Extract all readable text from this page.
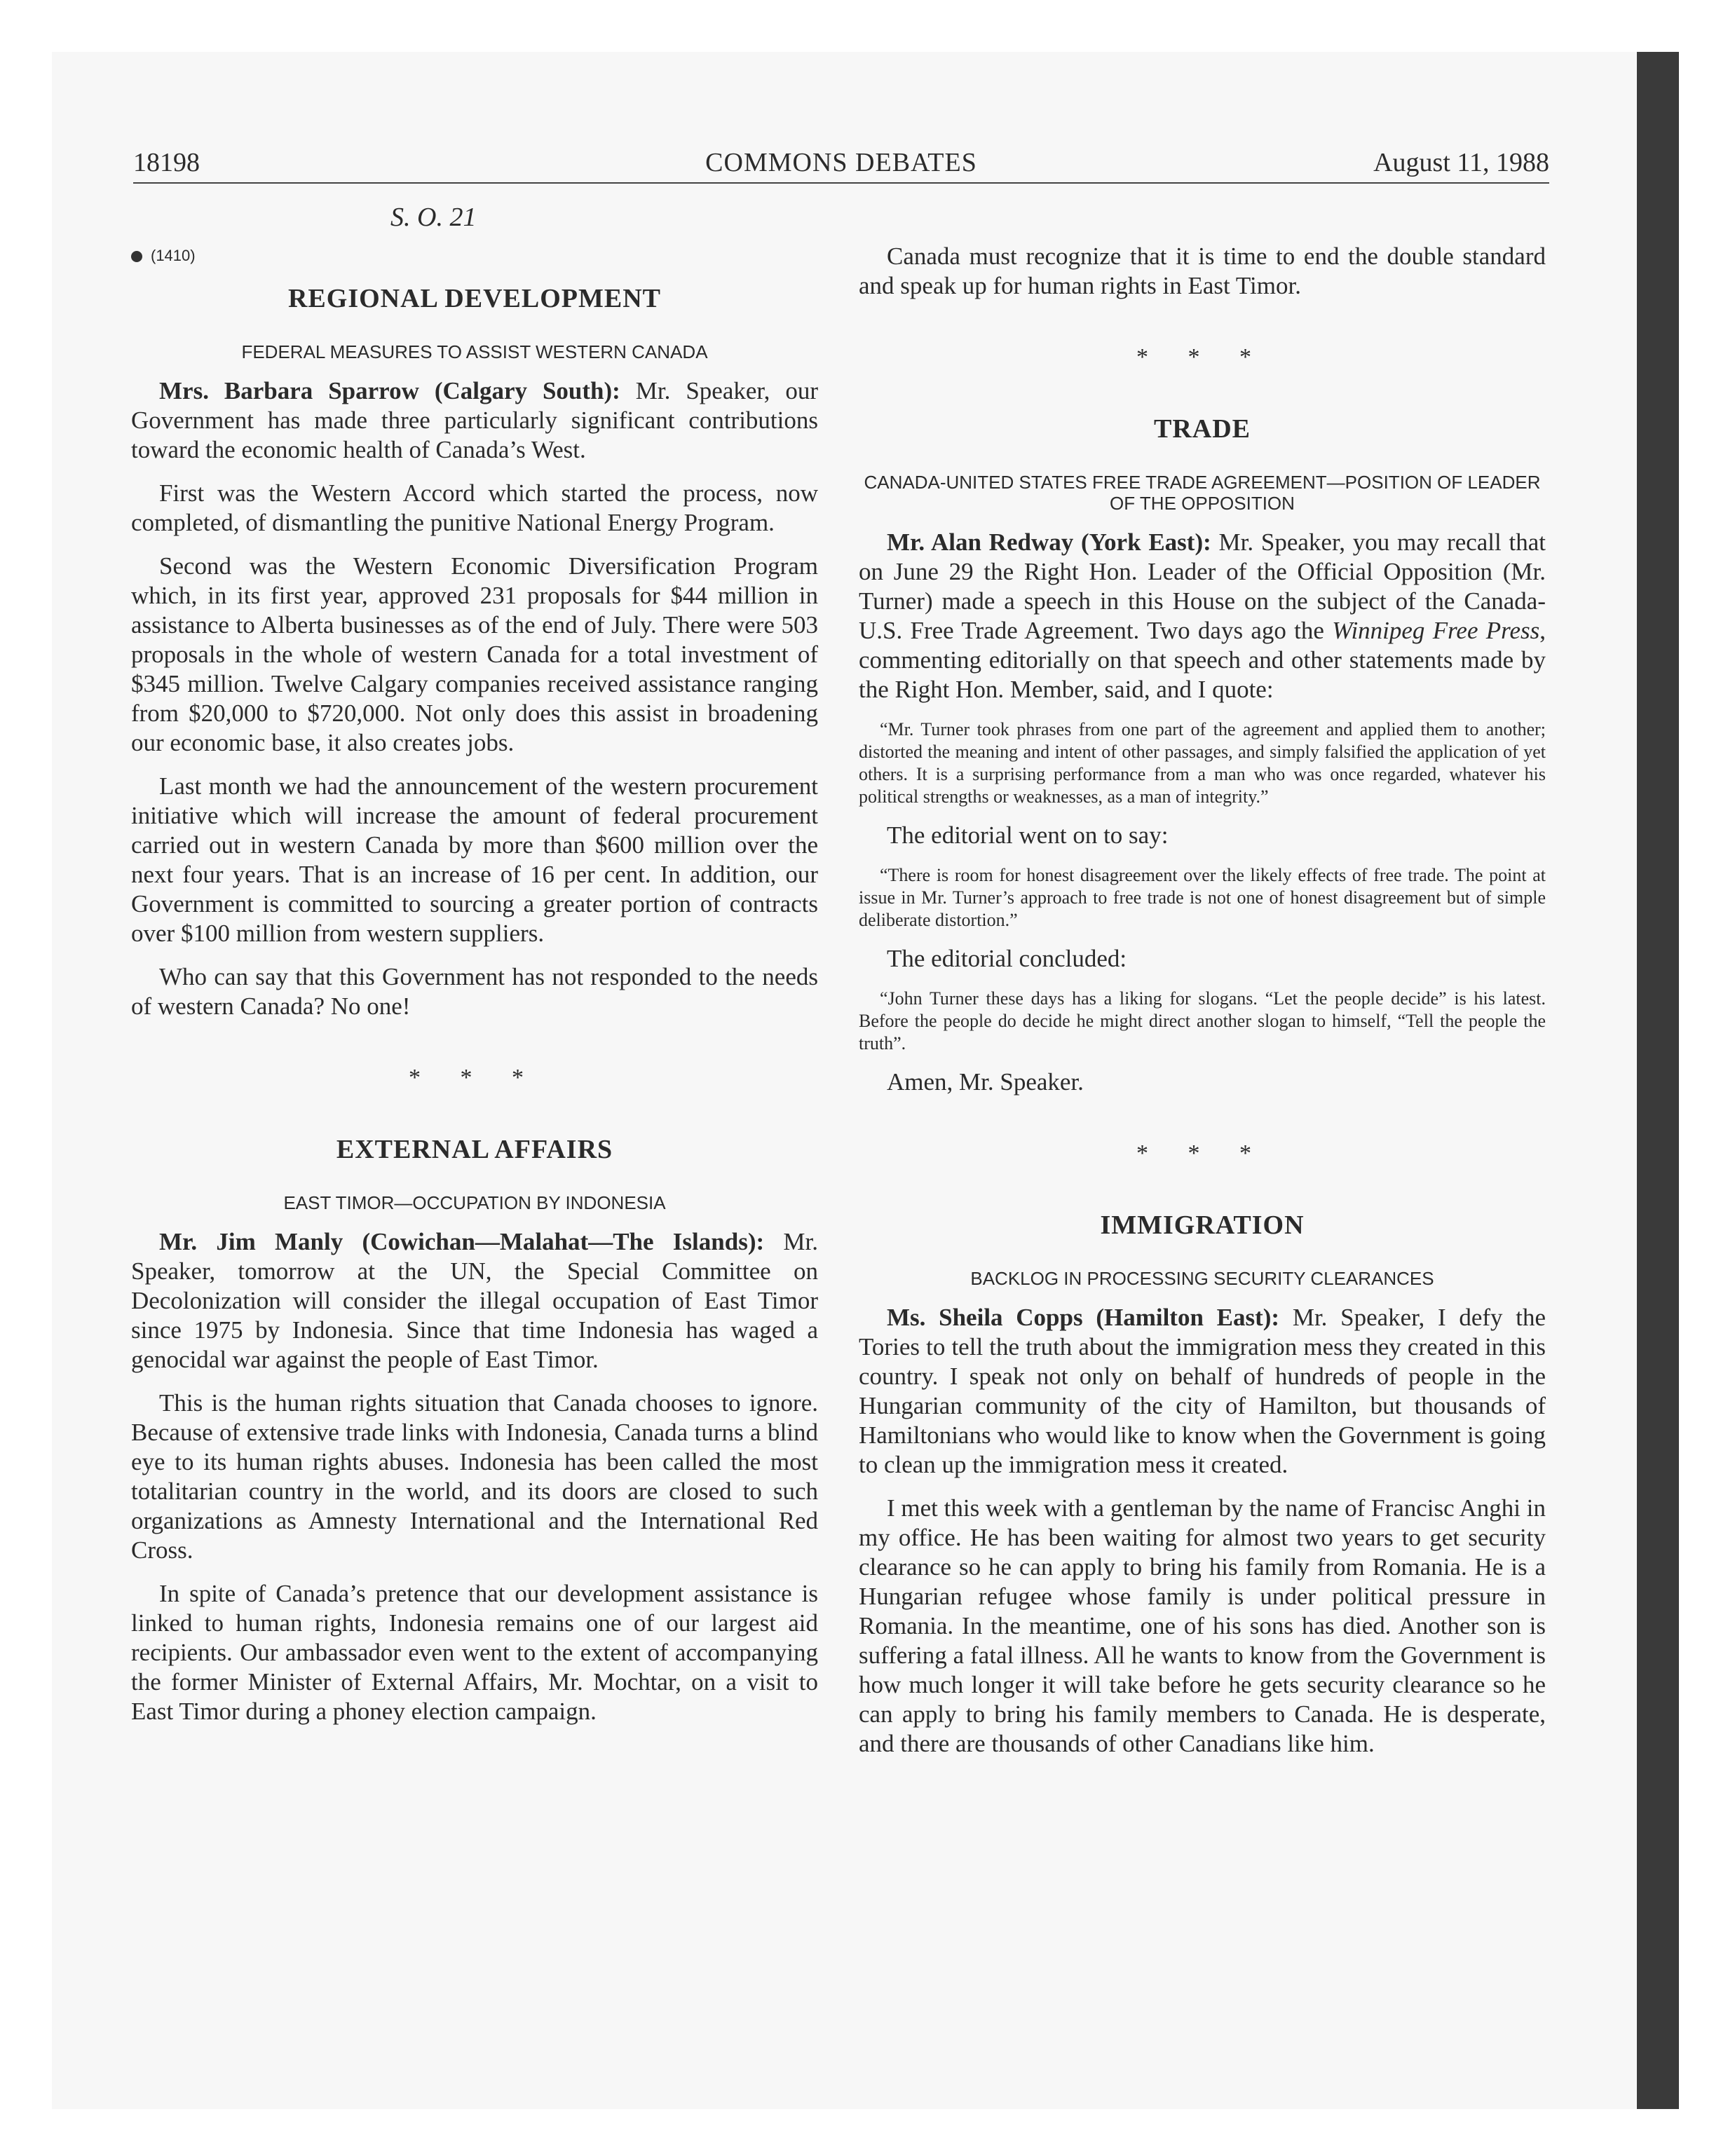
18198	COMMONS DEBATES	August 11, 1988
S. O. 21
(1410)
REGIONAL DEVELOPMENT
FEDERAL MEASURES TO ASSIST WESTERN CANADA

Mrs. Barbara Sparrow (Calgary South): Mr. Speaker, our Government has made three particularly significant contributions toward the economic health of Canada’s West.

First was the Western Accord which started the process, now completed, of dismantling the punitive National Energy Program.

Second was the Western Economic Diversification Program which, in its first year, approved 231 proposals for $44 million in assistance to Alberta businesses as of the end of July. There were 503 proposals in the whole of western Canada for a total investment of $345 million. Twelve Calgary companies received assistance ranging from $20,000 to $720,000. Not only does this assist in broadening our economic base, it also creates jobs.

Last month we had the announcement of the western procurement initiative which will increase the amount of federal procurement carried out in western Canada by more than $600 million over the next four years. That is an increase of 16 per cent. In addition, our Government is committed to sourcing a greater portion of contracts over $100 million from western suppliers.

Who can say that this Government has not responded to the needs of western Canada? No one!

* * *
EXTERNAL AFFAIRS
EAST TIMOR—OCCUPATION BY INDONESIA

Mr. Jim Manly (Cowichan—Malahat—The Islands): Mr. Speaker, tomorrow at the UN, the Special Committee on Decolonization will consider the illegal occupation of East Timor since 1975 by Indonesia. Since that time Indonesia has waged a genocidal war against the people of East Timor.

This is the human rights situation that Canada chooses to ignore. Because of extensive trade links with Indonesia, Canada turns a blind eye to its human rights abuses. Indonesia has been called the most totalitarian country in the world, and its doors are closed to such organizations as Amnesty International and the International Red Cross.

In spite of Canada’s pretence that our development assistance is linked to human rights, Indonesia remains one of our largest aid recipients. Our ambassador even went to the extent of accompanying the former Minister of External Affairs, Mr. Mochtar, on a visit to East Timor during a phoney election campaign.

Canada must recognize that it is time to end the double standard and speak up for human rights in East Timor.

* * *
TRADE
CANADA-UNITED STATES FREE TRADE AGREEMENT—POSITION OF LEADER OF THE OPPOSITION

Mr. Alan Redway (York East): Mr. Speaker, you may recall that on June 29 the Right Hon. Leader of the Official Opposition (Mr. Turner) made a speech in this House on the subject of the Canada-U.S. Free Trade Agreement. Two days ago the Winnipeg Free Press, commenting editorially on that speech and other statements made by the Right Hon. Member, said, and I quote:

“Mr. Turner took phrases from one part of the agreement and applied them to another; distorted the meaning and intent of other passages, and simply falsified the application of yet others. It is a surprising performance from a man who was once regarded, whatever his political strengths or weaknesses, as a man of integrity.”

The editorial went on to say:

“There is room for honest disagreement over the likely effects of free trade. The point at issue in Mr. Turner’s approach to free trade is not one of honest disagreement but of simple deliberate distortion.”

The editorial concluded:

“John Turner these days has a liking for slogans. “Let the people decide” is his latest. Before the people do decide he might direct another slogan to himself, “Tell the people the truth”.

Amen, Mr. Speaker.

* * *
IMMIGRATION
BACKLOG IN PROCESSING SECURITY CLEARANCES

Ms. Sheila Copps (Hamilton East): Mr. Speaker, I defy the Tories to tell the truth about the immigration mess they created in this country. I speak not only on behalf of hundreds of people in the Hungarian community of the city of Hamilton, but thousands of Hamiltonians who would like to know when the Government is going to clean up the immigration mess it created.

I met this week with a gentleman by the name of Francisc Anghi in my office. He has been waiting for almost two years to get security clearance so he can apply to bring his family from Romania. He is a Hungarian refugee whose family is under political pressure in Romania. In the meantime, one of his sons has died. Another son is suffering a fatal illness. All he wants to know from the Government is how much longer it will take before he gets security clearance so he can apply to bring his family members to Canada. He is desperate, and there are thousands of other Canadians like him.
